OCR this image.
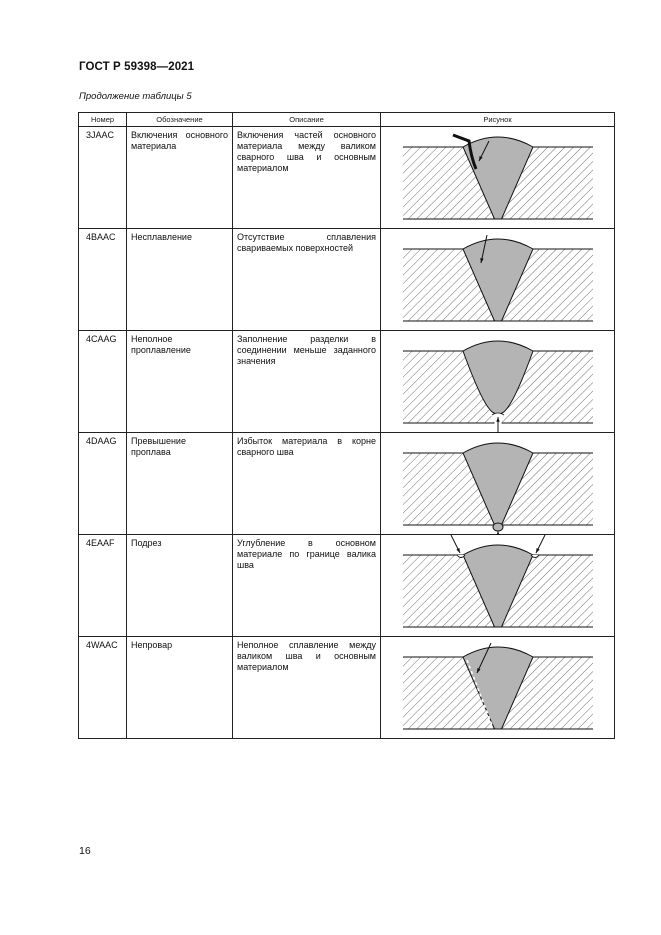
ГОСТ Р 59398—2021
Продолжение таблицы 5
Номер	Обозначение	Описание	Рисунок
3JAAC	Включения основного материала	Включения частей основного материала между валиком сварного шва и основным материалом	

4BAAC	Несплавление	Отсутствие сплавления свариваемых поверхностей	

4CAAG	Неполное проплавление	Заполнение разделки в соединении меньше заданного значения	

4DAAG	Превышение проплава	Избыток материала в корне сварного шва	

4EAAF	Подрез	Углубление в основном материале по границе валика шва	

4WAAC	Непровар	Неполное сплавление между валиком шва и основным материалом	
16
